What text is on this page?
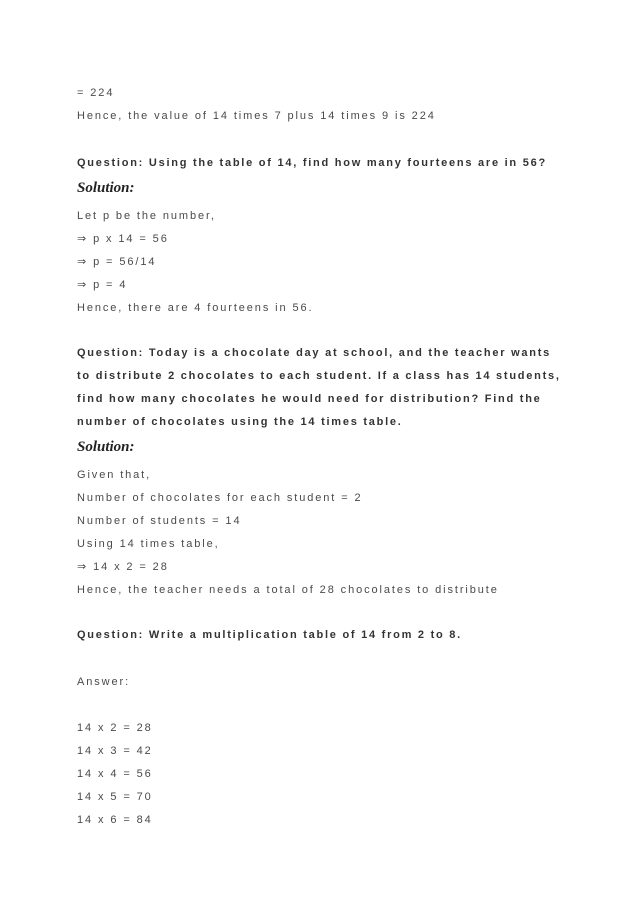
= 224
Hence, the value of 14 times 7 plus 14 times 9 is 224
Question: Using the table of 14, find how many fourteens are in 56?
Solution:
Let p be the number,
⇒ p x 14 = 56
⇒ p = 56/14
⇒ p = 4
Hence, there are 4 fourteens in 56.
Question: Today is a chocolate day at school, and the teacher wants
to distribute 2 chocolates to each student. If a class has 14 students,
find how many chocolates he would need for distribution? Find the
number of chocolates using the 14 times table.
Solution:
Given that,
Number of chocolates for each student = 2
Number of students = 14
Using 14 times table,
⇒ 14 x 2 = 28
Hence, the teacher needs a total of 28 chocolates to distribute
Question: Write a multiplication table of 14 from 2 to 8.
Answer:
14 x 2 = 28
14 x 3 = 42
14 x 4 = 56
14 x 5 = 70
14 x 6 = 84
